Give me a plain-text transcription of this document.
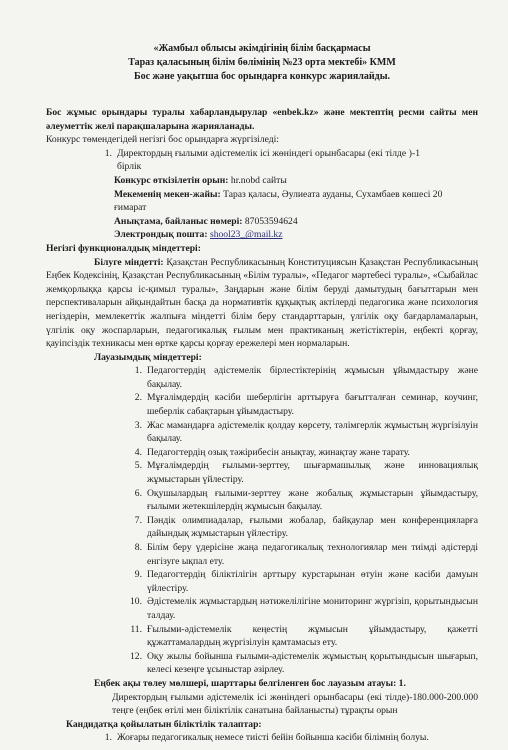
«Жамбыл облысы әкімдігінің білім басқармасы
Тараз қаласының білім бөлімінің №23 орта мектебі» КММ
Бос және уақытша бос орындарға конкурс жариялайды.

Бос жұмыс орындары туралы хабарландырулар «enbek.kz» және мектептің ресми сайты мен әлеуметтік желі парақшаларына жарияланады.

Конкурс төмендегідей негізгі бос орындарға жүргізіледі:

1. Директордың ғылыми әдістемелік ісі жөніндегі орынбасары (екі тілде )-1 бірлік

Конкурс өткізілетін орын: hr.nobd сайты

Мекеменің мекен-жайы: Тараз қаласы, Әулиеата ауданы, Сухамбаев көшесі 20 ғимарат

Анықтама, байланыс нөмері: 87053594624

Электрондық пошта: shool23_@mail.kz

Негізгі функционалдық міндеттері:

Білуге міндетті: Қазақстан Республикасының Конституциясын Қазақстан Республикасының Еңбек Кодексінің, Қазақстан Республикасының «Білім туралы», «Педагог мәртебесі туралы», «Сыбайлас жемқорлыққа қарсы іс-қимыл туралы», Заңдарын және білім беруді дамытудың бағыттарын мен перспективаларын айқындайтын басқа да нормативтік құқықтық актілерді педагогика және психология негіздерін, мемлекеттік жалпыға міндетті білім беру стандарттарын, үлгілік оқу бағдарламаларын, үлгілік оқу жоспарларын, педагогикалық ғылым мен практиканың жетістіктерін, еңбекті қорғау, қауіпсіздік техникасы мен өртке қарсы қорғау ережелері мен нормаларын.

Лауазымдық міндеттері:

1. Педагогтердің әдістемелік бірлестіктерінің жұмысын ұйымдастыру және бақылау.
2. Мұғалімдердің кәсіби шеберлігін арттыруға бағытталған семинар, коучинг, шеберлік сабақтарын ұйымдастыру.
3. Жас мамандарға әдістемелік қолдау көрсету, тәлімгерлік жұмыстың жүргізілуін бақылау.
4. Педагогтердің озық тәжірибесін анықтау, жинақтау және тарату.
5. Мұғалімдердің ғылыми-зерттеу, шығармашылық және инновациялық жұмыстарын үйлестіру.
6. Оқушылардың ғылыми-зерттеу және жобалық жұмыстарын ұйымдастыру, ғылыми жетекшілердің жұмысын бақылау.
7. Пәндік олимпиадалар, ғылыми жобалар, байқаулар мен конференцияларға дайындық жұмыстарын үйлестіру.
8. Білім беру үдерісіне жаңа педагогикалық технологиялар мен тиімді әдістерді енгізуге ықпал ету.
9. Педагогтердің біліктілігін арттыру курстарынан өтуін және кәсіби дамуын үйлестіру.
10. Әдістемелік жұмыстардың нәтижелілігіне мониторинг жүргізіп, қорытындысын талдау.
11. Ғылыми-әдістемелік кеңестің жұмысын ұйымдастыру, қажетті құжаттамалардың жүргізілуін қамтамасыз ету.
12. Оқу жылы бойынша ғылыми-әдістемелік жұмыстың қорытындысын шығарып, келесі кезеңге ұсыныстар әзірлеу.

Еңбек ақы төлеу мөлшері, шарттары белгіленген бос лауазым атауы: 1.

Директордың ғылыми әдістемелік ісі жөніндегі орынбасары (екі тілде)-180.000-200.000 теңге (еңбек өтілі мен біліктілік санатына байланысты) тұрақты орын

Кандидатқа қойылатын біліктілік талаптар:

1. Жоғары педагогикалық немесе тиісті бейін бойынша кәсіби білімнің болуы.
